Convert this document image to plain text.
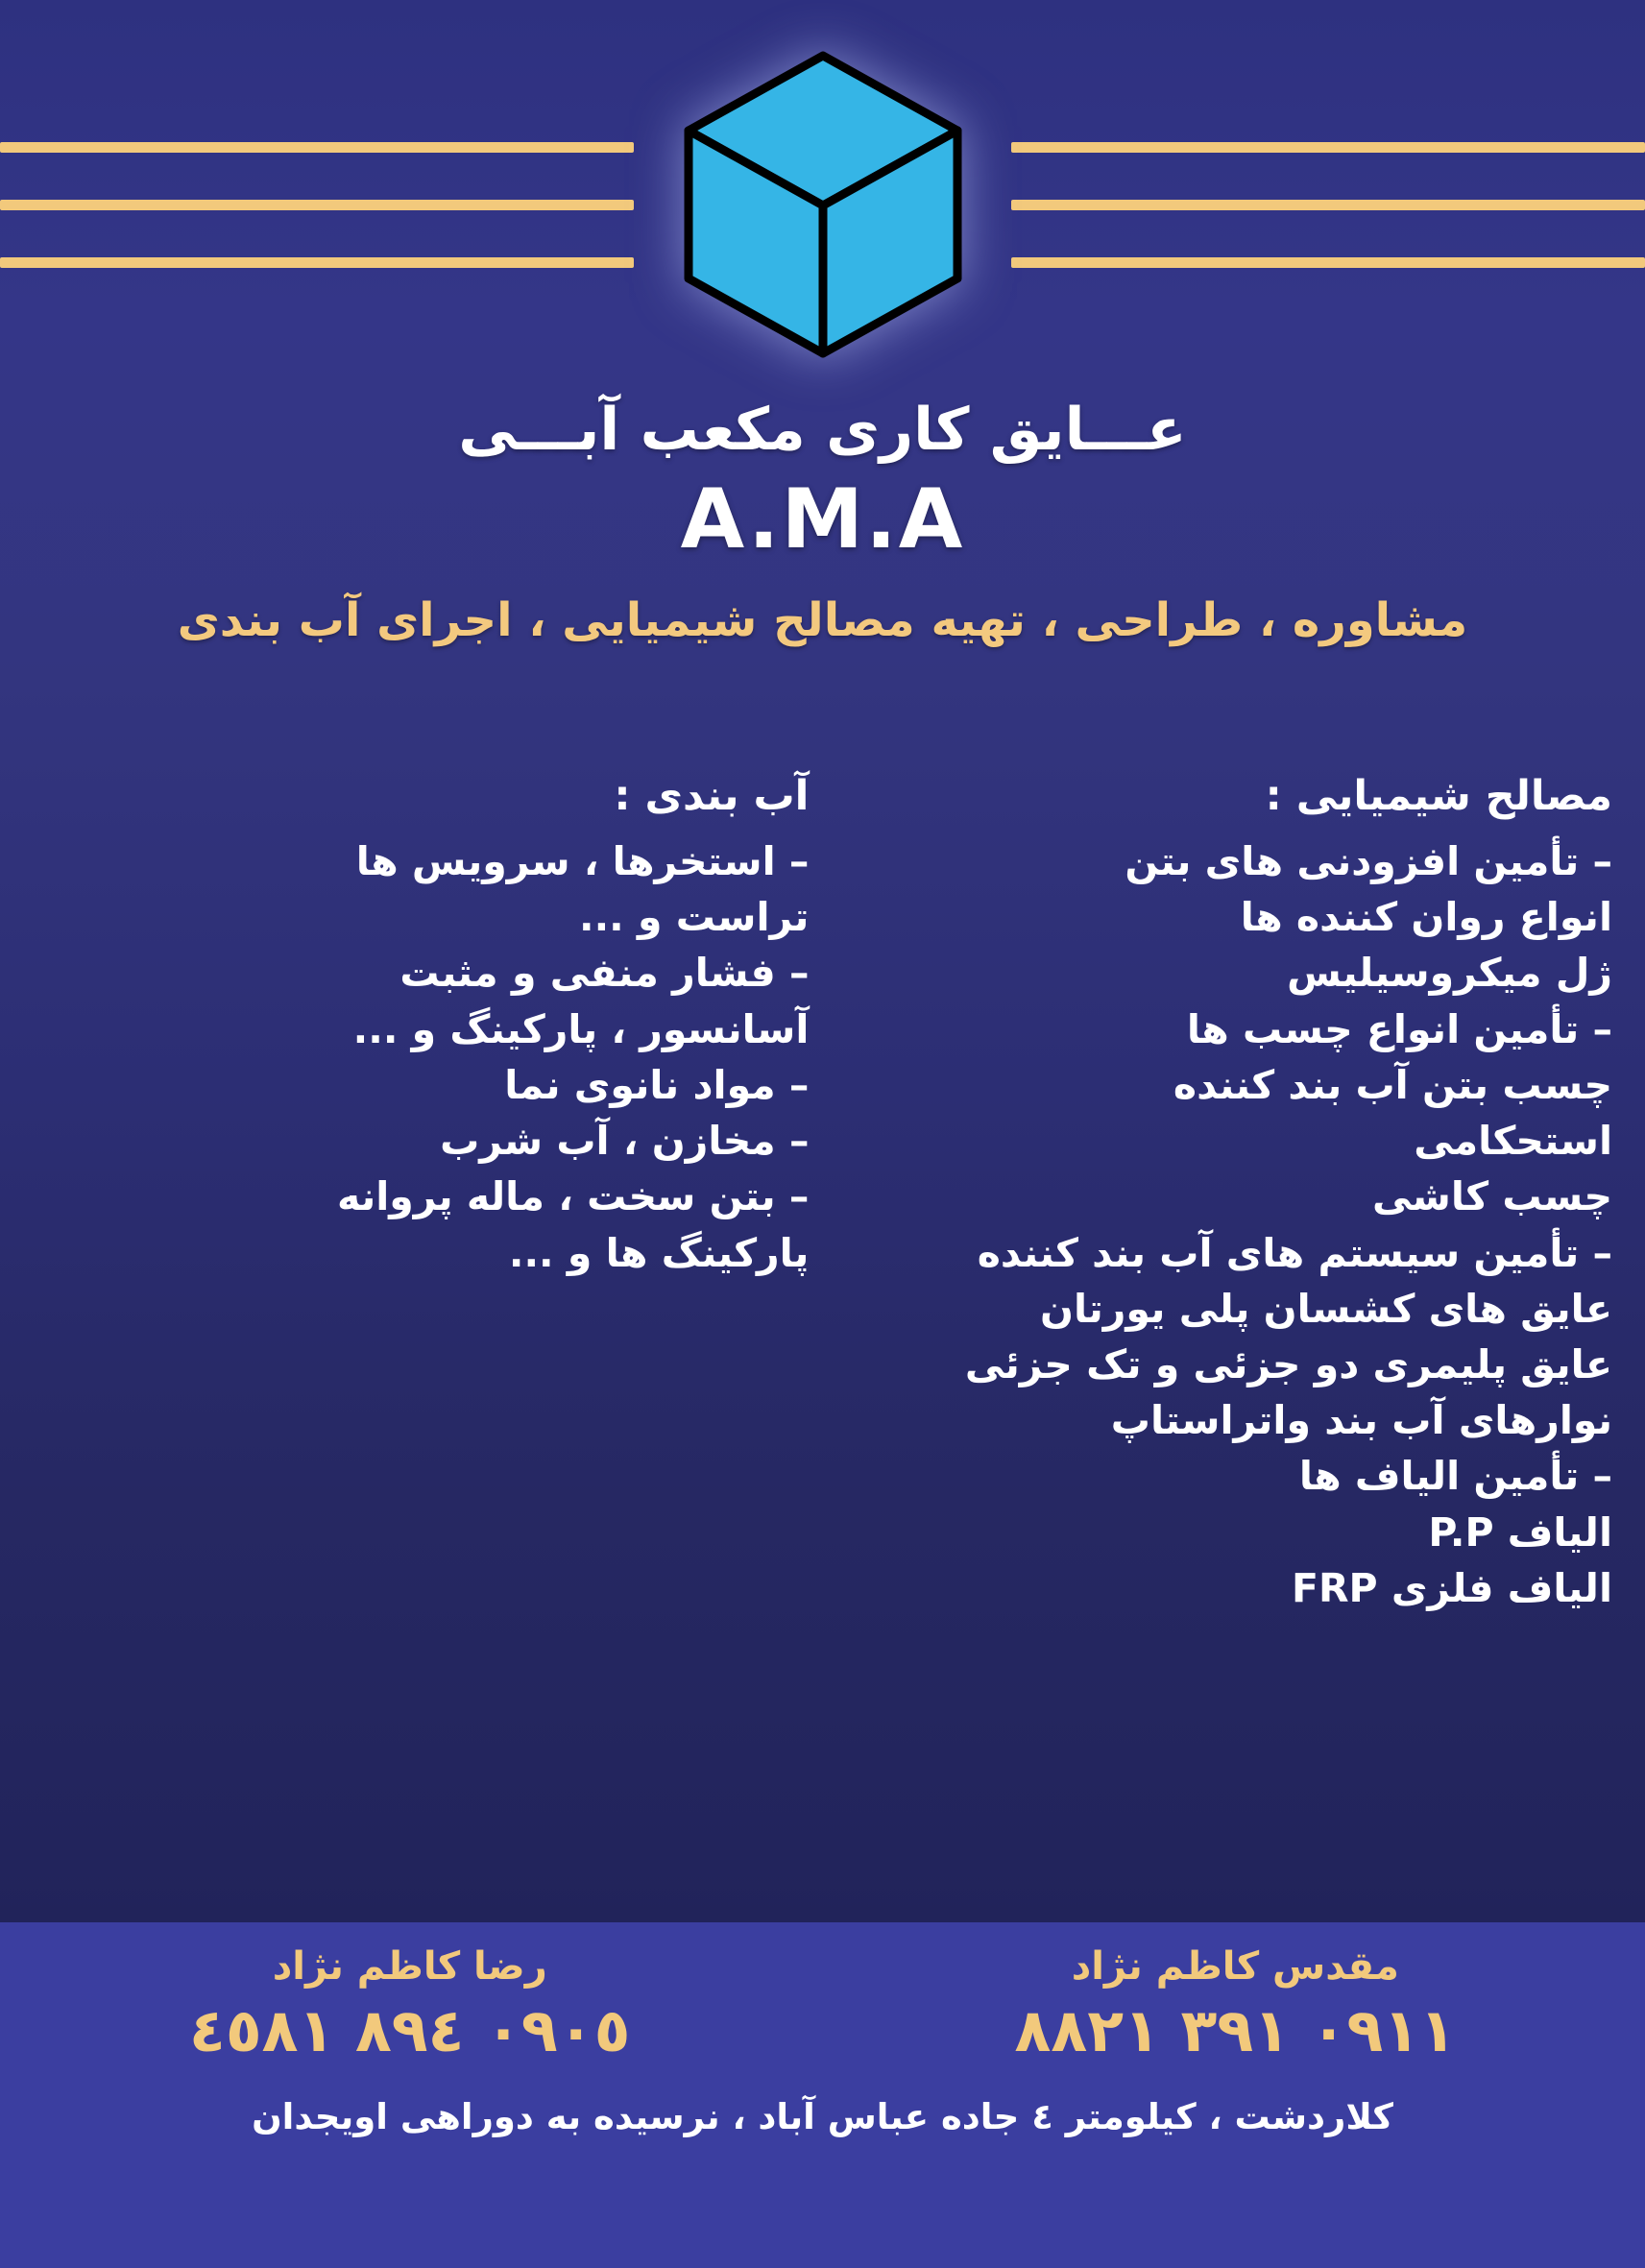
عـــایق کاری مکعب آبـــی
A.M.A
مشاوره ، طراحی ، تهیه مصالح شیمیایی ، اجرای آب بندی
مصالح شیمیایی :
– تأمین افزودنی های بتن
انواع روان کننده ها
ژل میکروسیلیس
– تأمین انواع چسب ها
چسب بتن آب بند کننده
استحکامی
چسب کاشی
– تأمین سیستم های آب بند کننده
عایق های کشسان پلی یورتان
عایق پلیمری دو جزئی و تک جزئی
نوارهای آب بند واتراستاپ
– تأمین الیاف ها
الیاف P.P
الیاف فلزی FRP
آب بندی :
– استخرها ، سرویس ها
تراست و ...
– فشار منفی و مثبت
آسانسور ، پارکینگ و ...
– مواد نانوی نما
– مخازن ، آب شرب
– بتن سخت ، ماله پروانه
پارکینگ ها و ...
مقدس کاظم نژاد
٠٩١١ ٣٩١ ٨٨٢١
رضا کاظم نژاد
٠٩٠٥ ٨٩٤ ٤٥٨١
کلاردشت ، کیلومتر ٤ جاده عباس آباد ، نرسیده به دوراهی اویجدان
